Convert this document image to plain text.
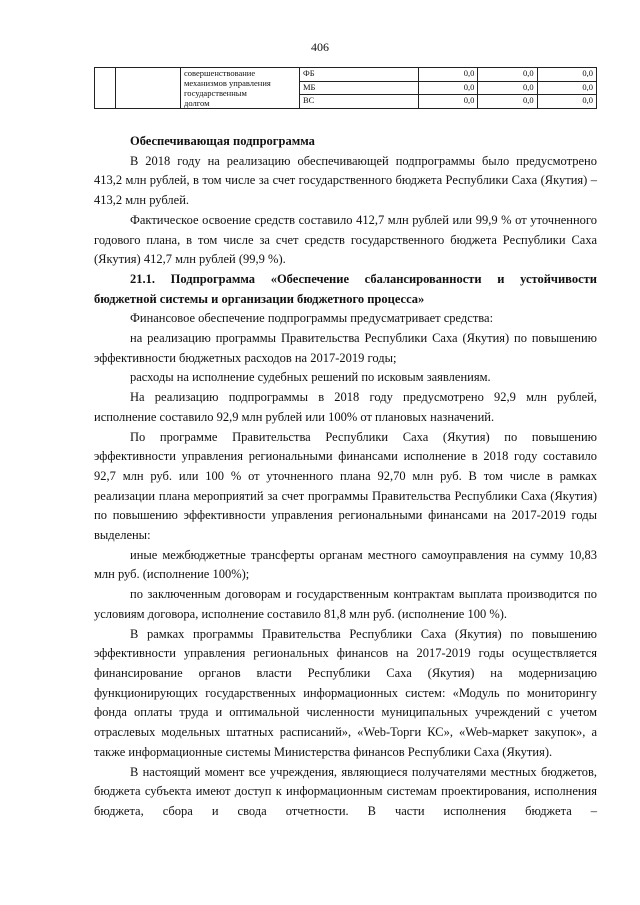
406

		совершенствование
механизмов управления
государственным
долгом	ФБ	0,0	0,0	0,0
			МБ	0,0	0,0	0,0
			ВС	0,0	0,0	0,0

Обеспечивающая подпрограмма

В 2018 году на реализацию обеспечивающей подпрограммы было предусмотрено 413,2 млн рублей, в том числе за счет государственного бюджета Республики Саха (Якутия) – 413,2 млн рублей.

Фактическое освоение средств составило 412,7 млн рублей или 99,9 % от уточненного годового плана, в том числе за счет средств государственного бюджета Республики Саха (Якутия) 412,7 млн рублей (99,9 %).

21.1. Подпрограмма «Обеспечение сбалансированности и устойчивости бюджетной системы и организации бюджетного процесса»

Финансовое обеспечение подпрограммы предусматривает средства:

на реализацию программы Правительства Республики Саха (Якутия) по повышению эффективности бюджетных расходов на 2017-2019 годы;

расходы на исполнение судебных решений по исковым заявлениям.

На реализацию подпрограммы в 2018 году предусмотрено 92,9 млн рублей, исполнение составило 92,9 млн рублей или 100% от плановых назначений.

По программе Правительства Республики Саха (Якутия) по повышению эффективности управления региональными финансами исполнение в 2018 году составило 92,7 млн руб. или 100 % от уточненного плана 92,70 млн руб. В том числе в рамках реализации плана мероприятий за счет программы Правительства Республики Саха (Якутия) по повышению эффективности управления региональными финансами на 2017-2019 годы выделены:

иные межбюджетные трансферты органам местного самоуправления на сумму 10,83 млн руб. (исполнение 100%);

по заключенным договорам и государственным контрактам выплата производится по условиям договора, исполнение составило 81,8 млн руб. (исполнение 100 %).

В рамках программы Правительства Республики Саха (Якутия) по повышению эффективности управления региональных финансов на 2017-2019 годы осуществляется финансирование органов власти Республики Саха (Якутия) на модернизацию функционирующих государственных информационных систем: «Модуль по мониторингу фонда оплаты труда и оптимальной численности муниципальных учреждений с учетом отраслевых модельных штатных расписаний», «Web-Торги КС», «Web-маркет закупок», а также информационные системы Министерства финансов Республики Саха (Якутия).

В настоящий момент все учреждения, являющиеся получателями местных бюджетов, бюджета субъекта имеют доступ к информационным системам проектирования, исполнения бюджета, сбора и свода отчетности. В части исполнения бюджета –
